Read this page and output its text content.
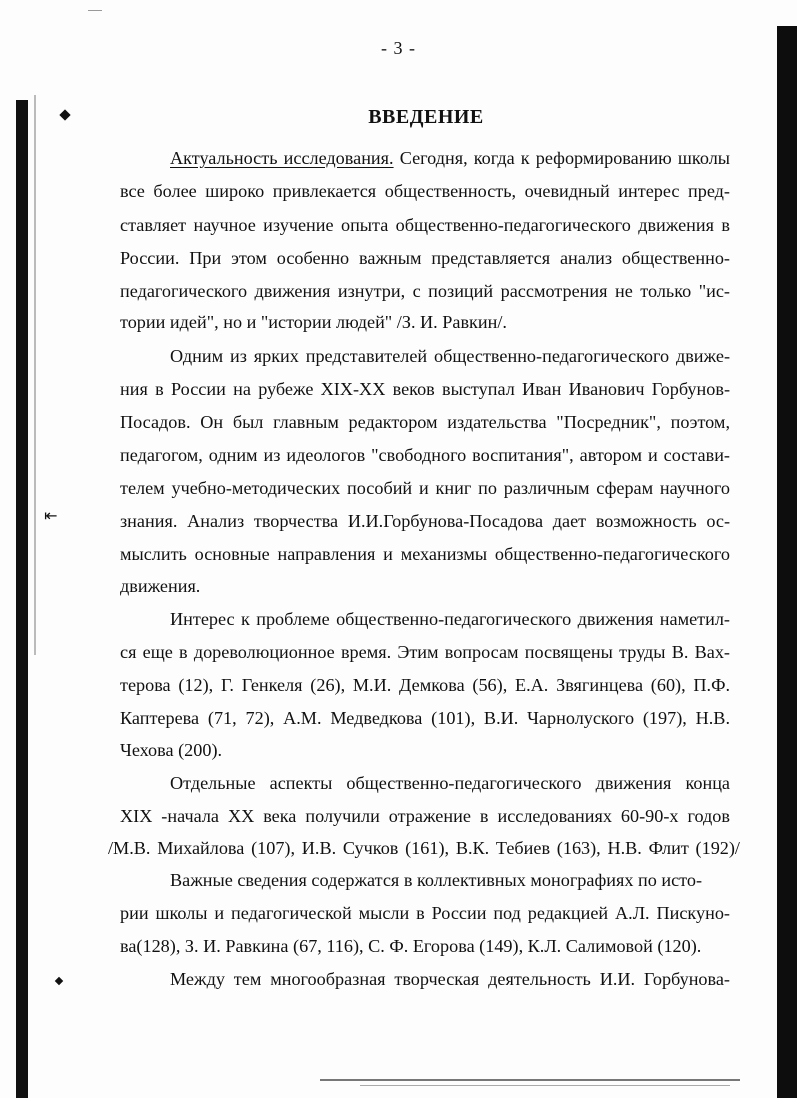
⇤
- 3 -
ВВЕДЕНИЕ
Актуальность исследования. Сегодня, когда к реформированию школы
все более широко привлекается общественность, очевидный интерес пред-
ставляет научное изучение опыта общественно-педагогического движения в
России. При этом особенно важным представляется анализ общественно-
педагогического движения изнутри, с позиций рассмотрения не только "ис-
тории идей", но и "истории людей" /З. И. Равкин/.
Одним из ярких представителей общественно-педагогического движе-
ния в России на рубеже XIX-XX веков выступал Иван Иванович Горбунов-
Посадов. Он был главным редактором издательства "Посредник", поэтом,
педагогом, одним из идеологов "свободного воспитания", автором и состави-
телем учебно-методических пособий и книг по различным сферам научного
знания. Анализ творчества И.И.Горбунова-Посадова дает возможность ос-
мыслить основные направления и механизмы общественно-педагогического
движения.
Интерес к проблеме общественно-педагогического движения наметил-
ся еще в дореволюционное время. Этим вопросам посвящены труды В. Вах-
терова (12), Г. Генкеля (26), М.И. Демкова (56), Е.А. Звягинцева (60), П.Ф.
Каптерева (71, 72), А.М. Медведкова (101), В.И. Чарнолуского (197), Н.В.
Чехова (200).
Отдельные аспекты общественно-педагогического движения конца
XIX -начала XX века получили отражение в исследованиях 60-90-х годов
/М.В. Михайлова (107), И.В. Сучков (161), В.К. Тебиев (163), Н.В. Флит (192)/
Важные сведения содержатся в коллективных монографиях по исто-
рии школы и педагогической мысли в России под редакцией А.Л. Пискуно-
ва(128), З. И. Равкина (67, 116), С. Ф. Егорова (149), К.Л. Салимовой (120).
Между тем многообразная творческая деятельность И.И. Горбунова-
